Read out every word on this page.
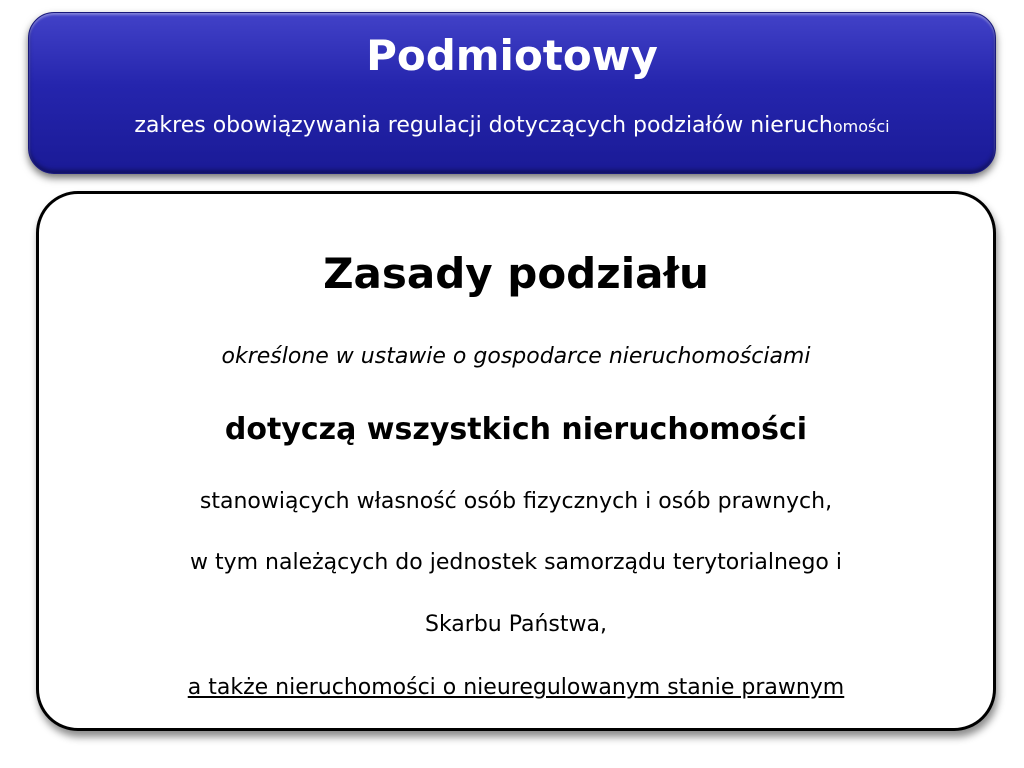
Podmiotowy
zakres obowiązywania regulacji dotyczących podziałów nieruchomości
Zasady podziału
określone w ustawie o gospodarce nieruchomościami
dotyczą wszystkich nieruchomości
stanowiących własność osób fizycznych i osób prawnych,
w tym należących do jednostek samorządu terytorialnego i
Skarbu Państwa,
a także nieruchomości o nieuregulowanym stanie prawnym
